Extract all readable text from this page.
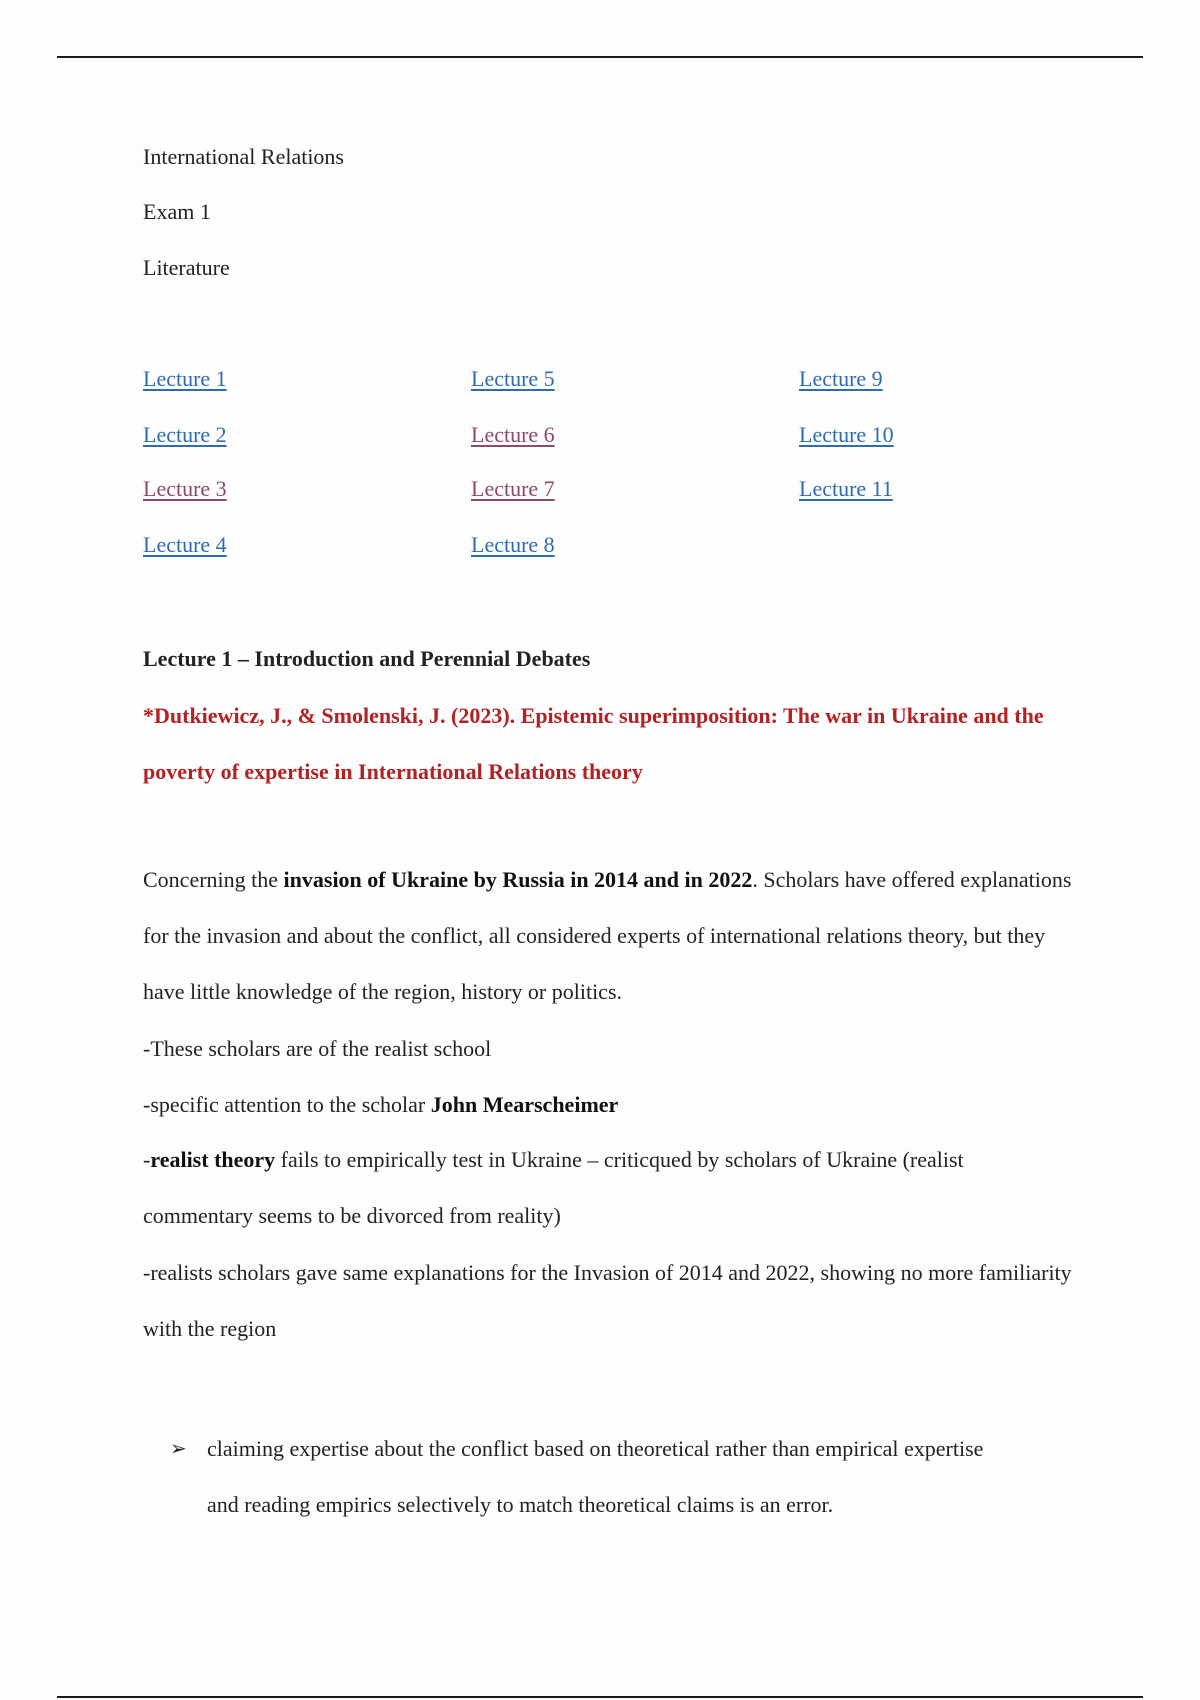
International Relations
Exam 1
Literature
Lecture 1
Lecture 2
Lecture 3
Lecture 4
Lecture 5
Lecture 6
Lecture 7
Lecture 8
Lecture 9
Lecture 10
Lecture 11
Lecture 1 – Introduction and Perennial Debates
*Dutkiewicz, J., & Smolenski, J. (2023). Epistemic superimposition: The war in Ukraine and the poverty of expertise in International Relations theory
Concerning the invasion of Ukraine by Russia in 2014 and in 2022. Scholars have offered explanations for the invasion and about the conflict, all considered experts of international relations theory, but they have little knowledge of the region, history or politics.
-These scholars are of the realist school
-specific attention to the scholar John Mearscheimer
-realist theory fails to empirically test in Ukraine – criticqued by scholars of Ukraine (realist commentary seems to be divorced from reality)
-realists scholars gave same explanations for the Invasion of 2014 and 2022, showing no more familiarity with the region
➢ claiming expertise about the conflict based on theoretical rather than empirical expertise and reading empirics selectively to match theoretical claims is an error.
